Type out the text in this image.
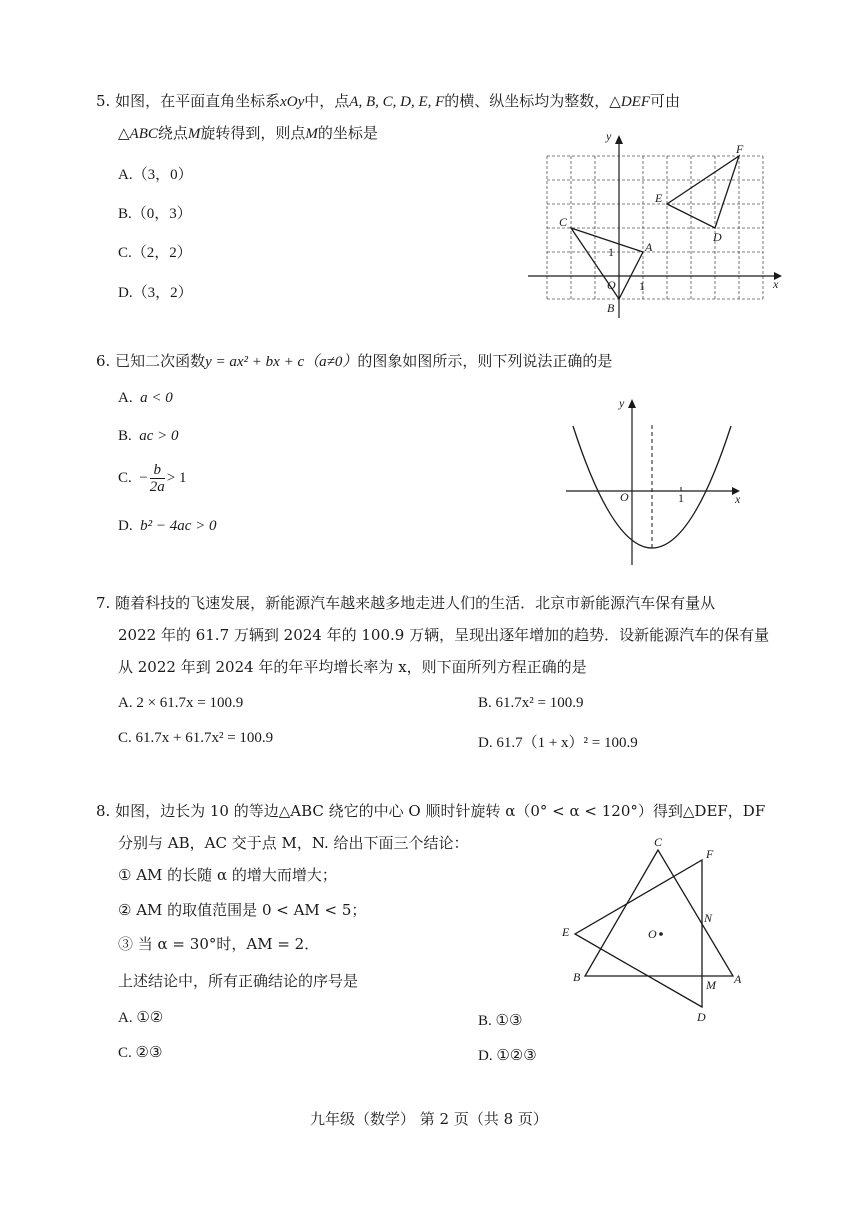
5. 如图，在平面直角坐标系xOy中，点A, B, C, D, E, F的横、纵坐标均为整数，△DEF可由
△ABC绕点M旋转得到，则点M的坐标是
A.（3，0）
B.（0，3）
C.（2，2）
D.（3，2）
x
y
O 1
1
C
A
B
E
F
D
6. 已知二次函数y = ax² + bx + c（a≠0）的图象如图所示，则下列说法正确的是
A. a < 0
B. ac > 0
C. − $\frac{b}{2a} > 1$
D. b² − 4ac > 0
x
y
O	1
7. 随着科技的飞速发展，新能源汽车越来越多地走进人们的生活．北京市新能源汽车保有量从
2022 年的 61.7 万辆到 2024 年的 100.9 万辆，呈现出逐年增加的趋势．设新能源汽车的保有量
从 2022 年到 2024 年的年平均增长率为 x，则下面所列方程正确的是
A. 2 × 61.7x = 100.9	B. 61.7x² = 100.9
C. 61.7x + 61.7x² = 100.9	D. 61.7（1 + x）² = 100.9
8. 如图，边长为 10 的等边△ABC 绕它的中心 O 顺时针旋转 α（0° < α < 120°）得到△DEF，DF
分别与 AB，AC 交于点 M，N. 给出下面三个结论：
① AM 的长随 α 的增大而增大；
② AM 的取值范围是 0 < AM < 5；
③ 当 α = 30°时，AM = 2．
上述结论中，所有正确结论的序号是
A. ①②	B. ①③
C. ②③	D. ①②③
C
F
N
E	O
B	A
M
D
九年级（数学） 第 2 页（共 8 页）
